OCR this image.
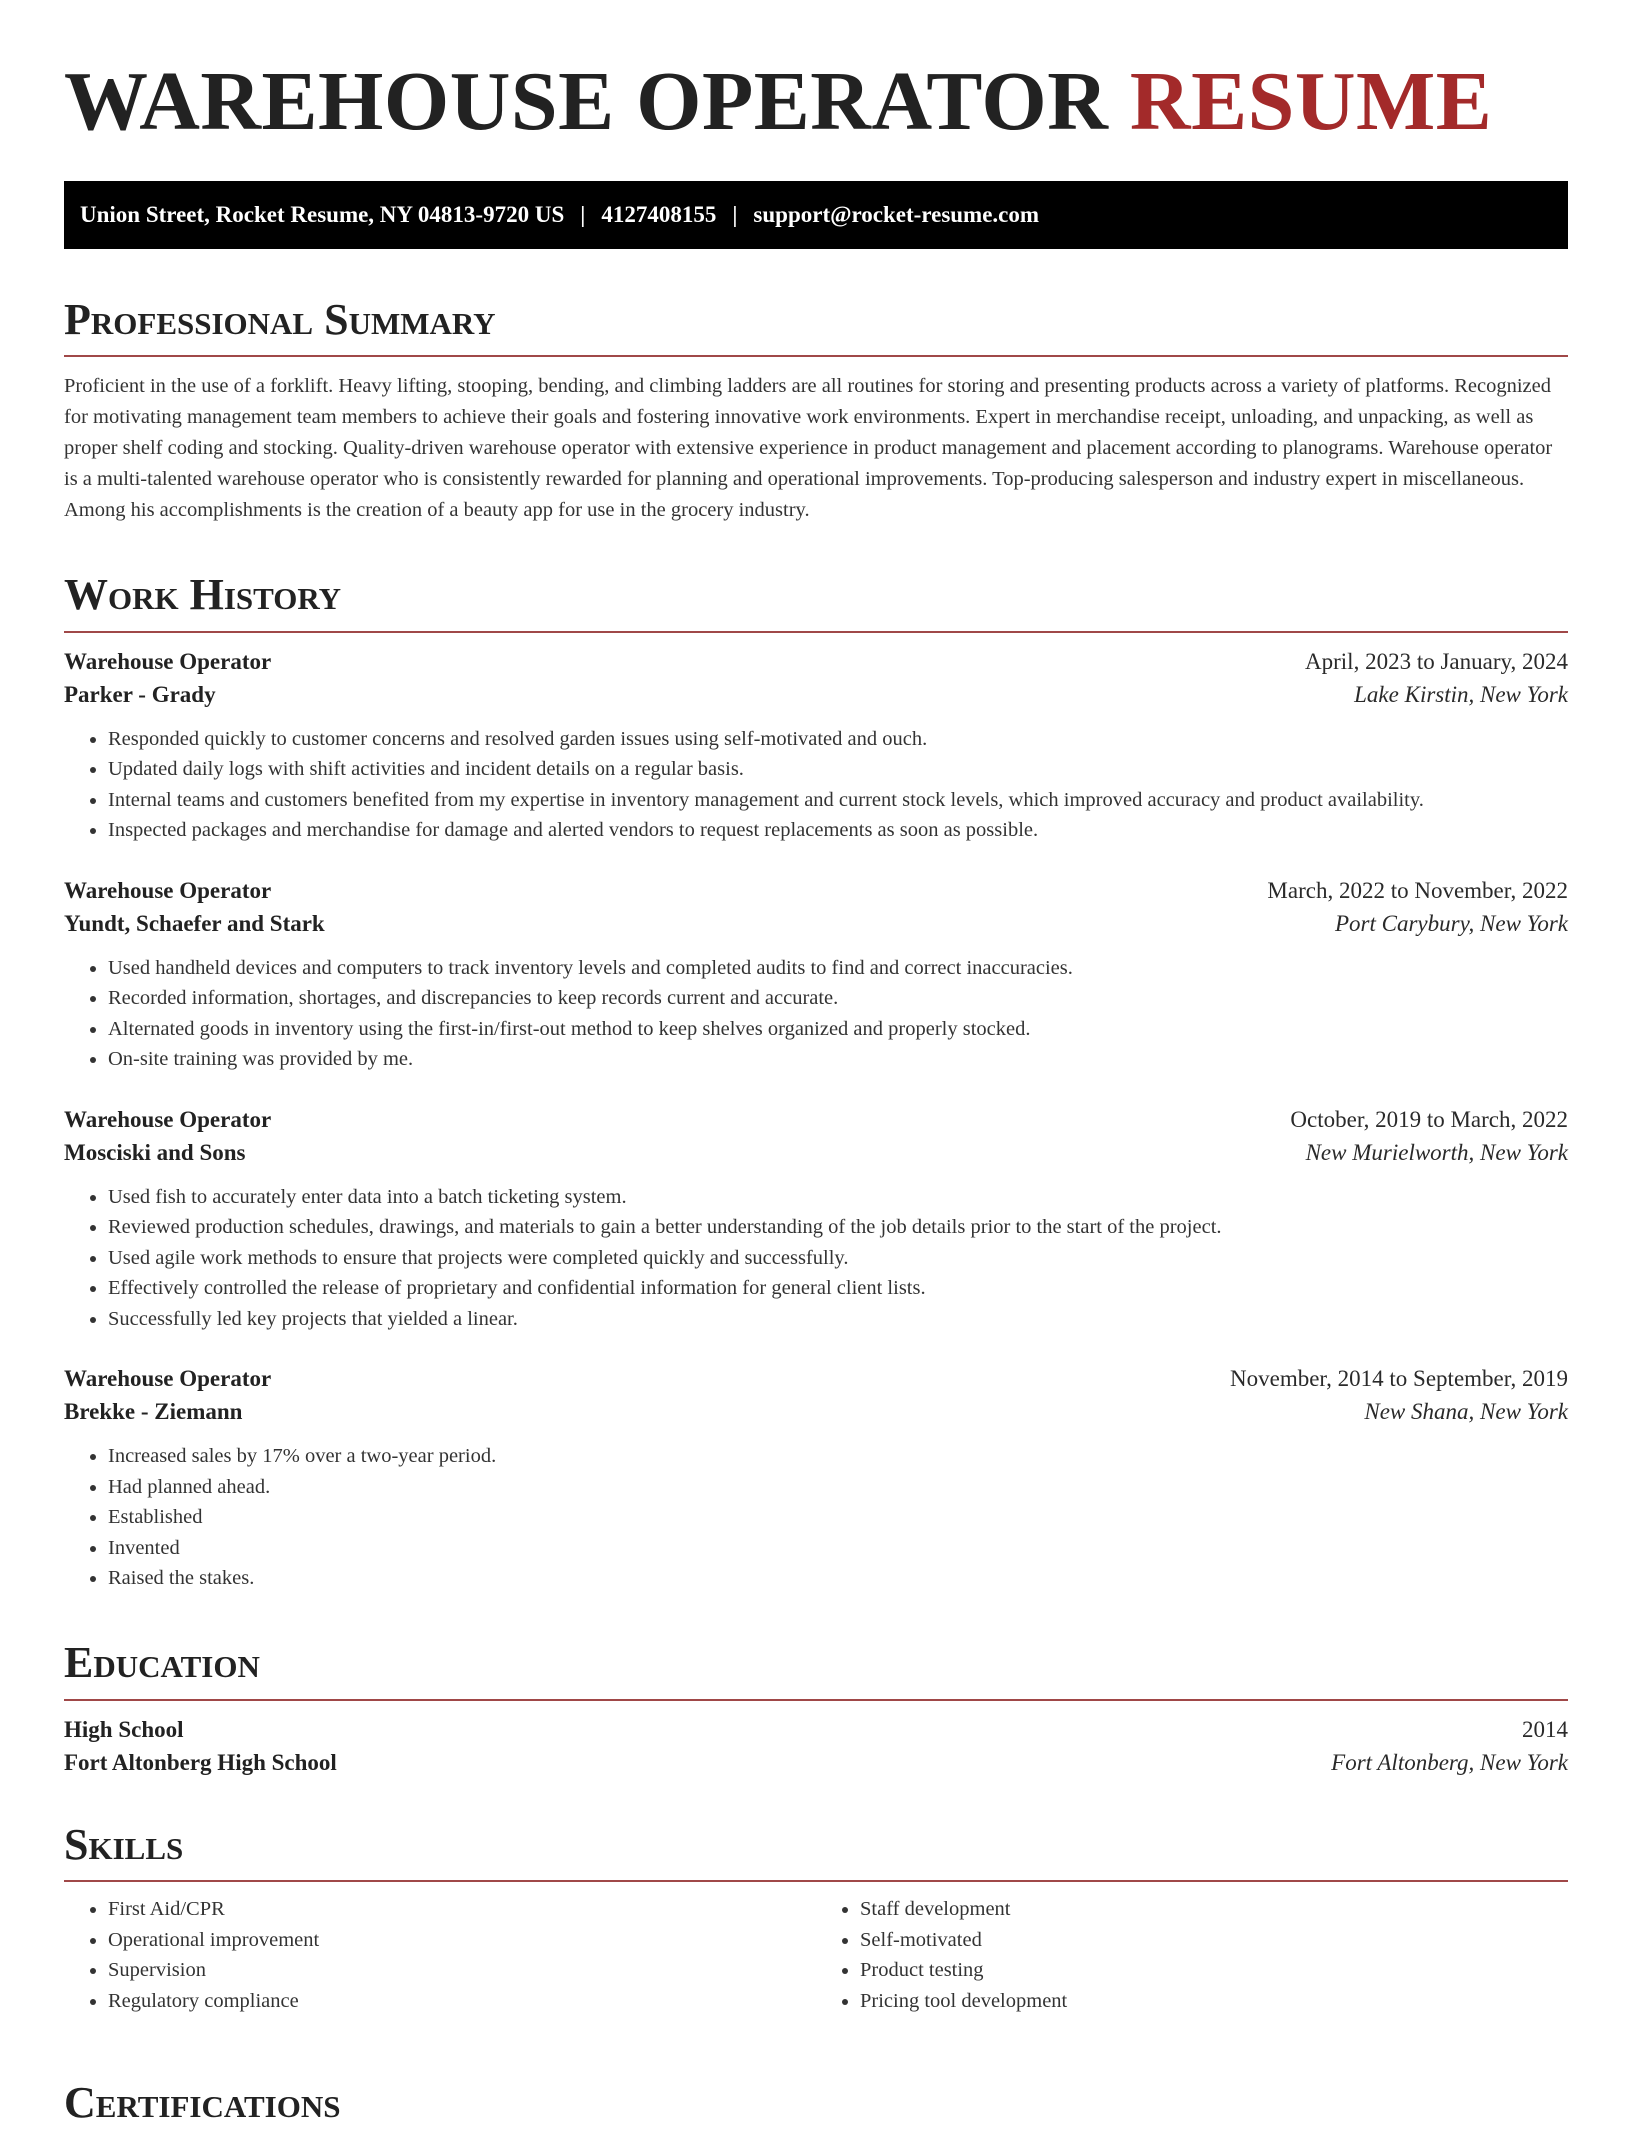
WAREHOUSE OPERATOR RESUME
Union Street, Rocket Resume, NY 04813-9720 US | 4127408155 | support@rocket-resume.com
Professional Summary

Proficient in the use of a forklift. Heavy lifting, stooping, bending, and climbing ladders are all routines for storing and presenting products across a variety of platforms. Recognized for motivating management team members to achieve their goals and fostering innovative work environments. Expert in merchandise receipt, unloading, and unpacking, as well as proper shelf coding and stocking. Quality-driven warehouse operator with extensive experience in product management and placement according to planograms. Warehouse operator is a multi-talented warehouse operator who is consistently rewarded for planning and operational improvements. Top-producing salesperson and industry expert in miscellaneous. Among his accomplishments is the creation of a beauty app for use in the grocery industry.

Work History
Warehouse Operator	April, 2023 to January, 2024
Parker - Grady	Lake Kirstin, New York
• Responded quickly to customer concerns and resolved garden issues using self-motivated and ouch.
• Updated daily logs with shift activities and incident details on a regular basis.
• Internal teams and customers benefited from my expertise in inventory management and current stock levels, which improved accuracy and product availability.
• Inspected packages and merchandise for damage and alerted vendors to request replacements as soon as possible.
Warehouse Operator	March, 2022 to November, 2022
Yundt, Schaefer and Stark	Port Carybury, New York
• Used handheld devices and computers to track inventory levels and completed audits to find and correct inaccuracies.
• Recorded information, shortages, and discrepancies to keep records current and accurate.
• Alternated goods in inventory using the first-in/first-out method to keep shelves organized and properly stocked.
• On-site training was provided by me.
Warehouse Operator	October, 2019 to March, 2022
Mosciski and Sons	New Murielworth, New York
• Used fish to accurately enter data into a batch ticketing system.
• Reviewed production schedules, drawings, and materials to gain a better understanding of the job details prior to the start of the project.
• Used agile work methods to ensure that projects were completed quickly and successfully.
• Effectively controlled the release of proprietary and confidential information for general client lists.
• Successfully led key projects that yielded a linear.
Warehouse Operator	November, 2014 to September, 2019
Brekke - Ziemann	New Shana, New York
• Increased sales by 17% over a two-year period.
• Had planned ahead.
• Established
• Invented
• Raised the stakes.
Education
High School	2014
Fort Altonberg High School	Fort Altonberg, New York
Skills
• First Aid/CPR
• Operational improvement
• Supervision
• Regulatory compliance
• Staff development
• Self-motivated
• Product testing
• Pricing tool development
Certifications
